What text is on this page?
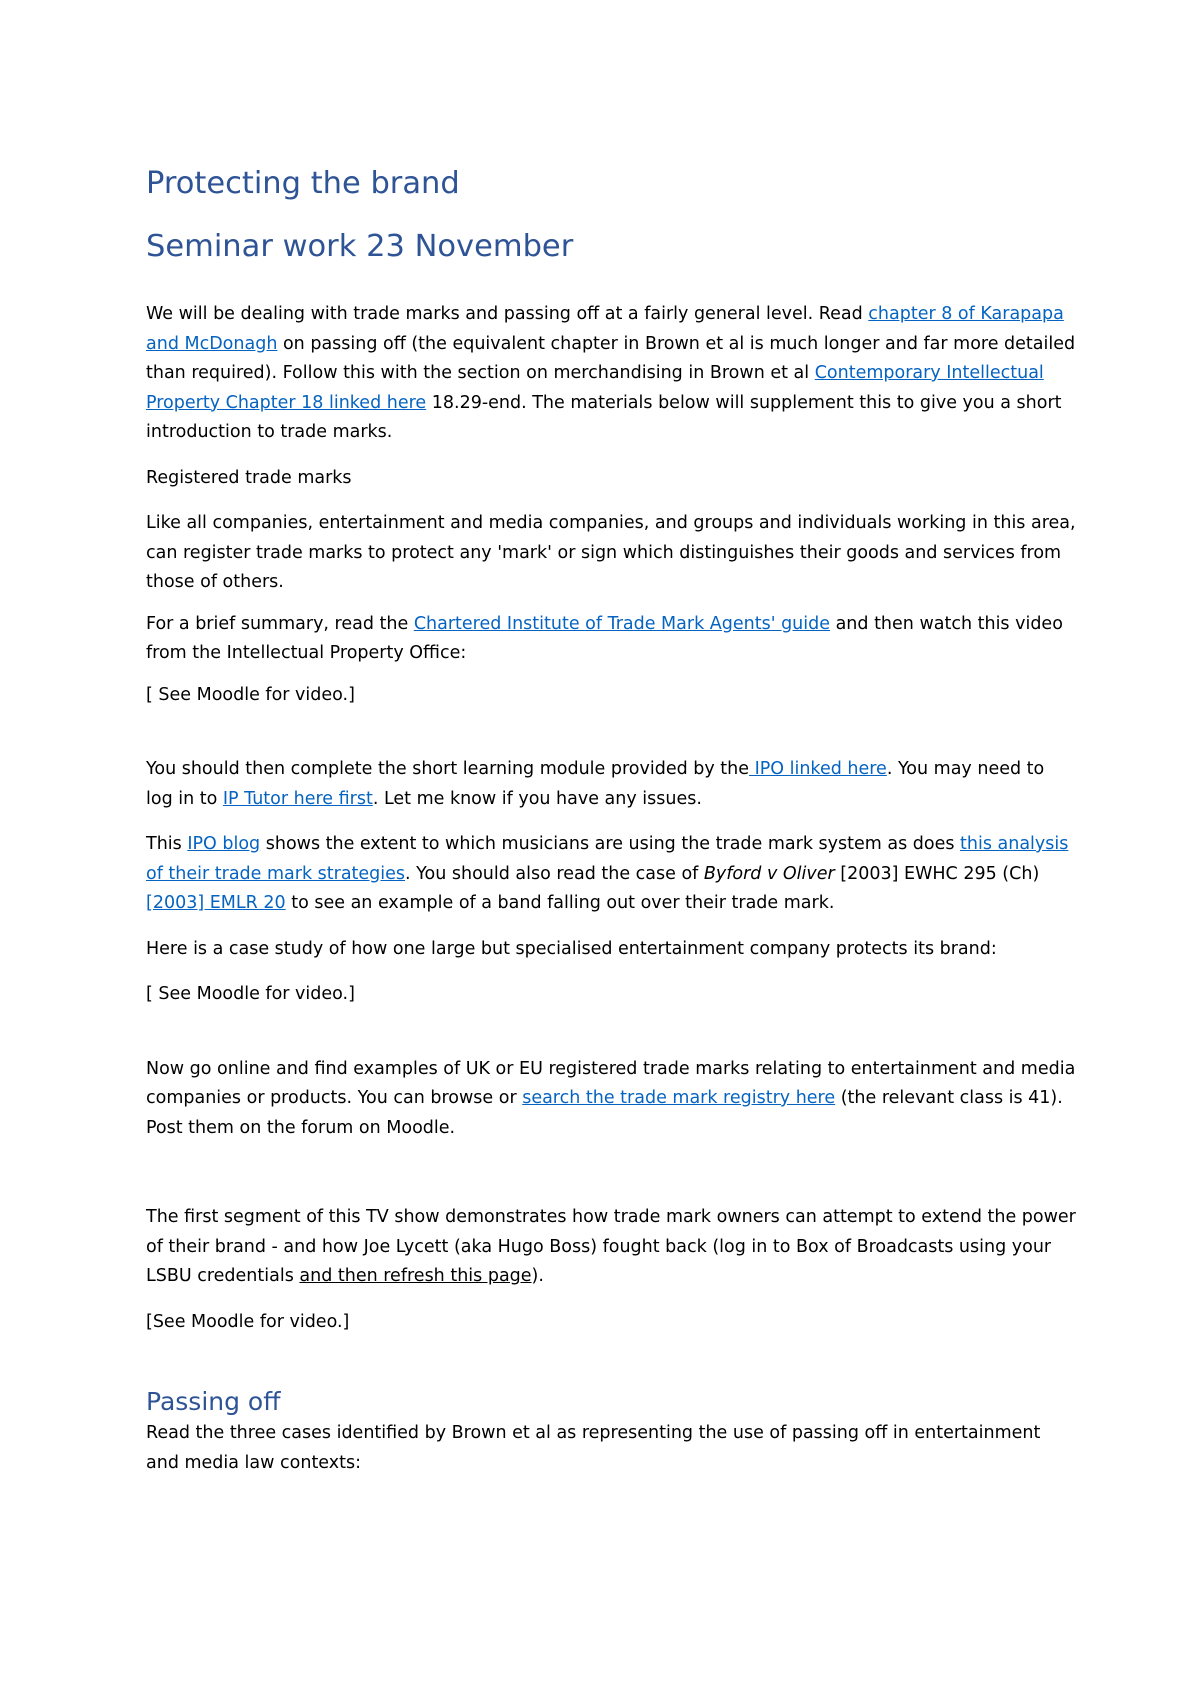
Protecting the brand
Seminar work 23 November

We will be dealing with trade marks and passing off at a fairly general level. Read chapter 8 of Karapapa and McDonagh on passing off (the equivalent chapter in Brown et al is much longer and far more detailed than required). Follow this with the section on merchandising in Brown et al Contemporary Intellectual Property Chapter 18 linked here 18.29-end. The materials below will supplement this to give you a short introduction to trade marks.

Registered trade marks

Like all companies, entertainment and media companies, and groups and individuals working in this area, can register trade marks to protect any 'mark' or sign which distinguishes their goods and services from those of others.

For a brief summary, read the Chartered Institute of Trade Mark Agents' guide and then watch this video from the Intellectual Property Office:

[ See Moodle for video.]

You should then complete the short learning module provided by the IPO linked here. You may need to log in to IP Tutor here first. Let me know if you have any issues.

This IPO blog shows the extent to which musicians are using the trade mark system as does this analysis of their trade mark strategies. You should also read the case of Byford v Oliver [2003] EWHC 295 (Ch) [2003] EMLR 20 to see an example of a band falling out over their trade mark.

Here is a case study of how one large but specialised entertainment company protects its brand:

[ See Moodle for video.]

Now go online and find examples of UK or EU registered trade marks relating to entertainment and media companies or products. You can browse or search the trade mark registry here (the relevant class is 41). Post them on the forum on Moodle.

The first segment of this TV show demonstrates how trade mark owners can attempt to extend the power of their brand - and how Joe Lycett (aka Hugo Boss) fought back (log in to Box of Broadcasts using your LSBU credentials and then refresh this page).

[See Moodle for video.]

Passing off

Read the three cases identified by Brown et al as representing the use of passing off in entertainment and media law contexts:
